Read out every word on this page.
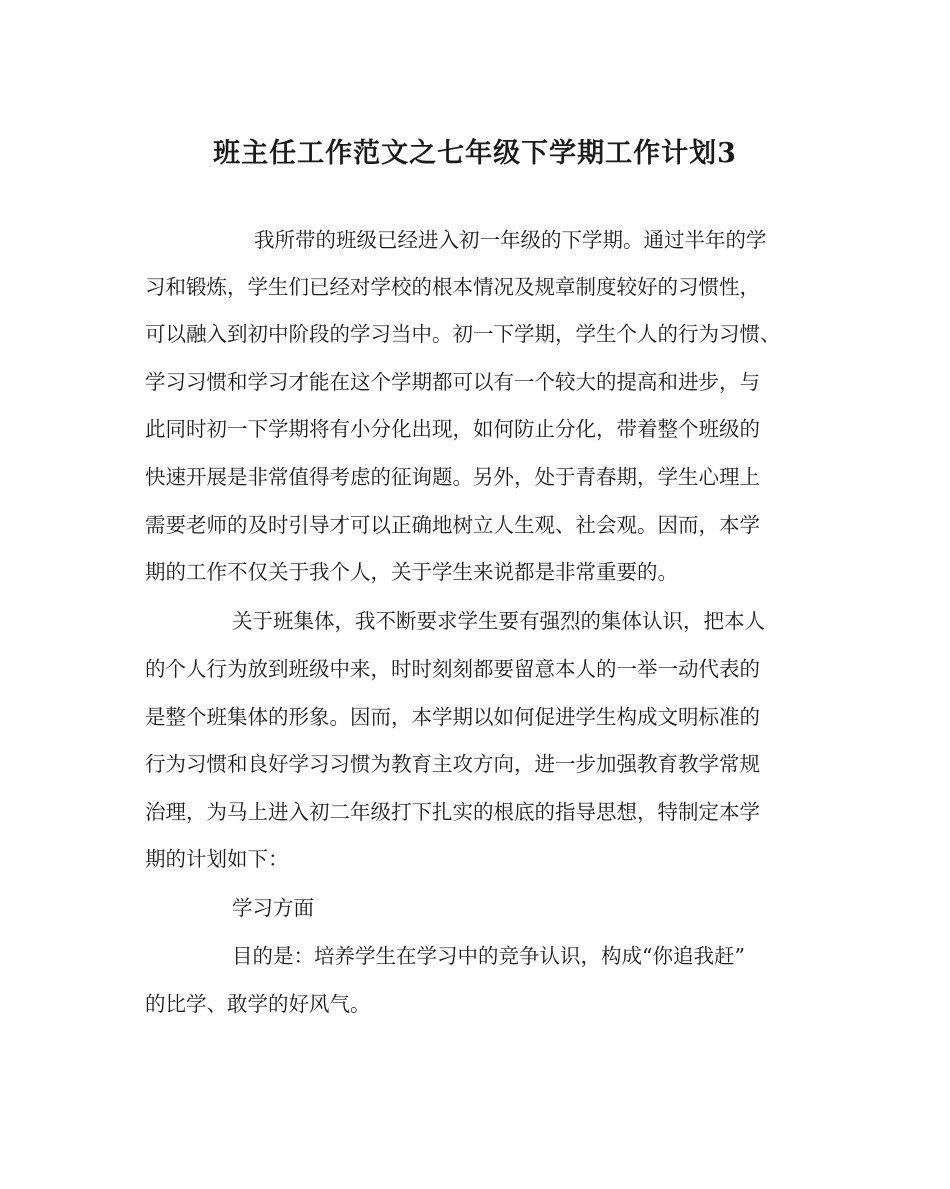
班主任工作范文之七年级下学期工作计划3

我所带的班级已经进入初一年级的下学期。通过半年的学

习和锻炼，学生们已经对学校的根本情况及规章制度较好的习惯性，

可以融入到初中阶段的学习当中。初一下学期，学生个人的行为习惯、

学习习惯和学习才能在这个学期都可以有一个较大的提高和进步，与

此同时初一下学期将有小分化出现，如何防止分化，带着整个班级的

快速开展是非常值得考虑的征询题。另外，处于青春期，学生心理上

需要老师的及时引导才可以正确地树立人生观、社会观。因而，本学

期的工作不仅关于我个人，关于学生来说都是非常重要的。

关于班集体，我不断要求学生要有强烈的集体认识，把本人

的个人行为放到班级中来，时时刻刻都要留意本人的一举一动代表的

是整个班集体的形象。因而，本学期以如何促进学生构成文明标准的

行为习惯和良好学习习惯为教育主攻方向，进一步加强教育教学常规

治理，为马上进入初二年级打下扎实的根底的指导思想，特制定本学

期的计划如下：

学习方面

目的是：培养学生在学习中的竞争认识，构成“你追我赶”

的比学、敢学的好风气。
